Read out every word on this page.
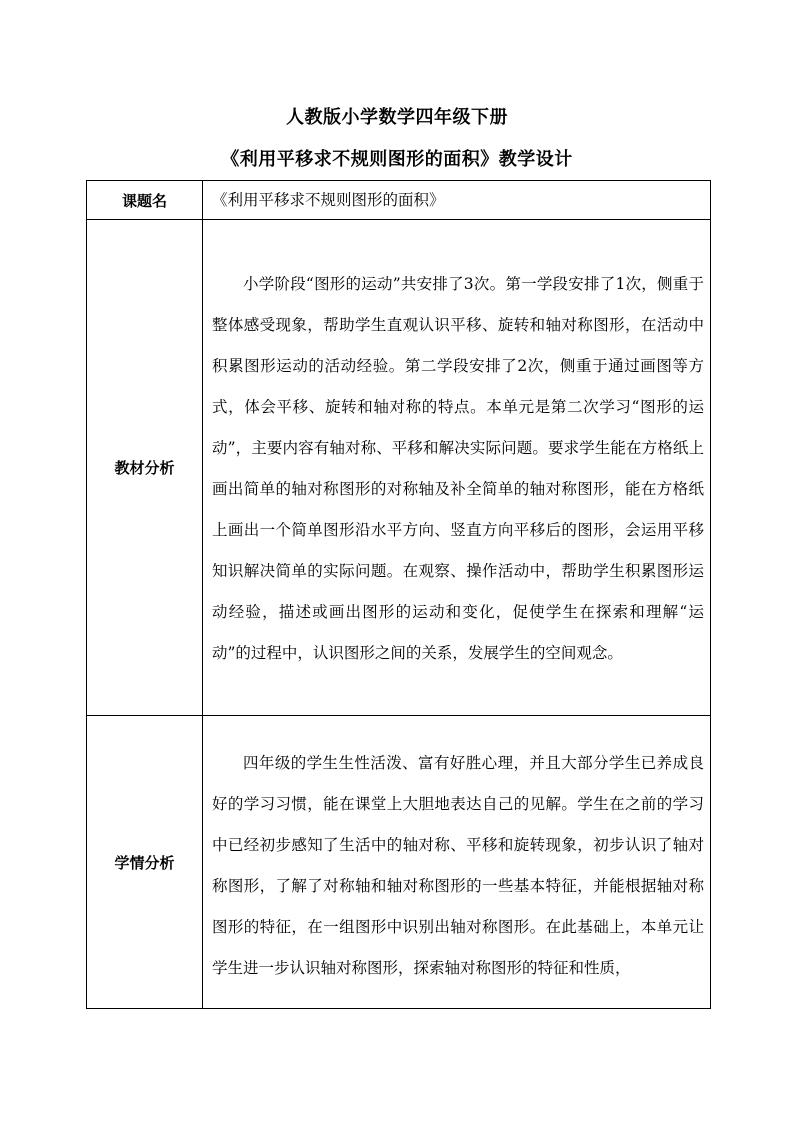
人教版小学数学四年级下册
《利用平移求不规则图形的面积》教学设计
课题名	《利用平移求不规则图形的面积》

教材分析	小学阶段“图形的运动”共安排了3次。第一学段安排了1次，侧重于整体感受现象，帮助学生直观认识平移、旋转和轴对称图形，在活动中积累图形运动的活动经验。第二学段安排了2次，侧重于通过画图等方式，体会平移、旋转和轴对称的特点。本单元是第二次学习“图形的运动”，主要内容有轴对称、平移和解决实际问题。要求学生能在方格纸上画出简单的轴对称图形的对称轴及补全简单的轴对称图形，能在方格纸上画出一个简单图形沿水平方向、竖直方向平移后的图形，会运用平移知识解决简单的实际问题。在观察、操作活动中，帮助学生积累图形运动经验，描述或画出图形的运动和变化，促使学生在探索和理解“运动”的过程中，认识图形之间的关系，发展学生的空间观念。

学情分析	四年级的学生生性活泼、富有好胜心理，并且大部分学生已养成良好的学习习惯，能在课堂上大胆地表达自己的见解。学生在之前的学习中已经初步感知了生活中的轴对称、平移和旋转现象，初步认识了轴对称图形，了解了对称轴和轴对称图形的一些基本特征，并能根据轴对称图形的特征，在一组图形中识别出轴对称图形。在此基础上，本单元让学生进一步认识轴对称图形，探索轴对称图形的特征和性质，
